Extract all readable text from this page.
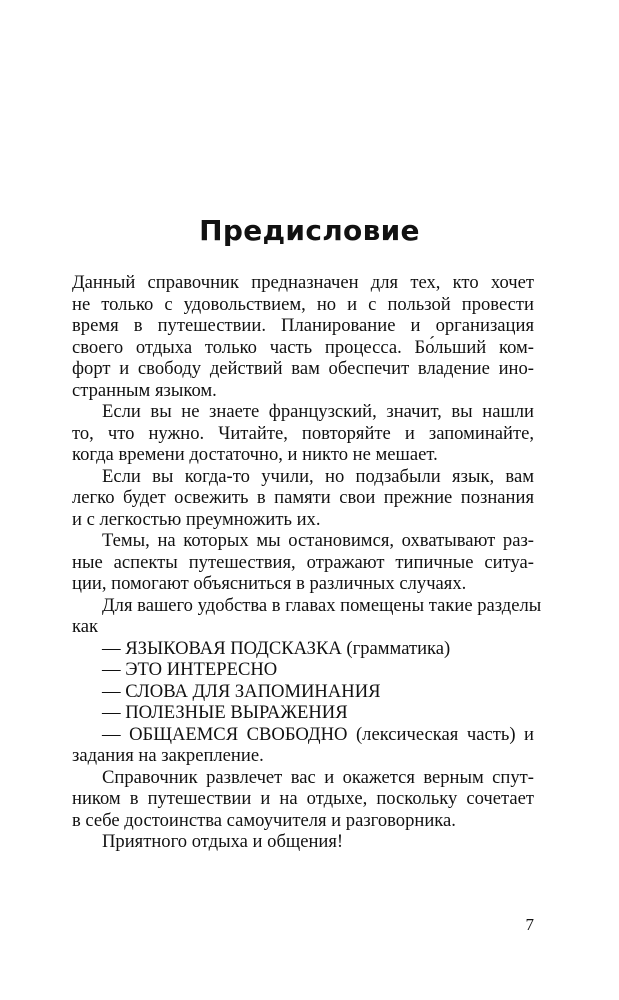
Предисловие
Данный справочник предназначен для тех, кто хочет
не только с удовольствием, но и с пользой провести
время в путешествии. Планирование и организация
своего отдыха только часть процесса. Бо́льший ком-
форт и свободу действий вам обеспечит владение ино-
странным языком.
Если вы не знаете французский, значит, вы нашли
то, что нужно. Читайте, повторяйте и запоминайте,
когда времени достаточно, и никто не мешает.
Если вы когда-то учили, но подзабыли язык, вам
легко будет освежить в памяти свои прежние познания
и с легкостью преумножить их.
Темы, на которых мы остановимся, охватывают раз-
ные аспекты путешествия, отражают типичные ситуа-
ции, помогают объясниться в различных случаях.
Для вашего удобства в главах помещены такие разделы
как
— ЯЗЫКОВАЯ ПОДСКАЗКА (грамматика)
— ЭТО ИНТЕРЕСНО
— СЛОВА ДЛЯ ЗАПОМИНАНИЯ
— ПОЛЕЗНЫЕ ВЫРАЖЕНИЯ
— ОБЩАЕМСЯ СВОБОДНО (лексическая часть) и
задания на закрепление.
Справочник развлечет вас и окажется верным спут-
ником в путешествии и на отдыхе, поскольку сочетает
в себе достоинства самоучителя и разговорника.
Приятного отдыха и общения!
7
